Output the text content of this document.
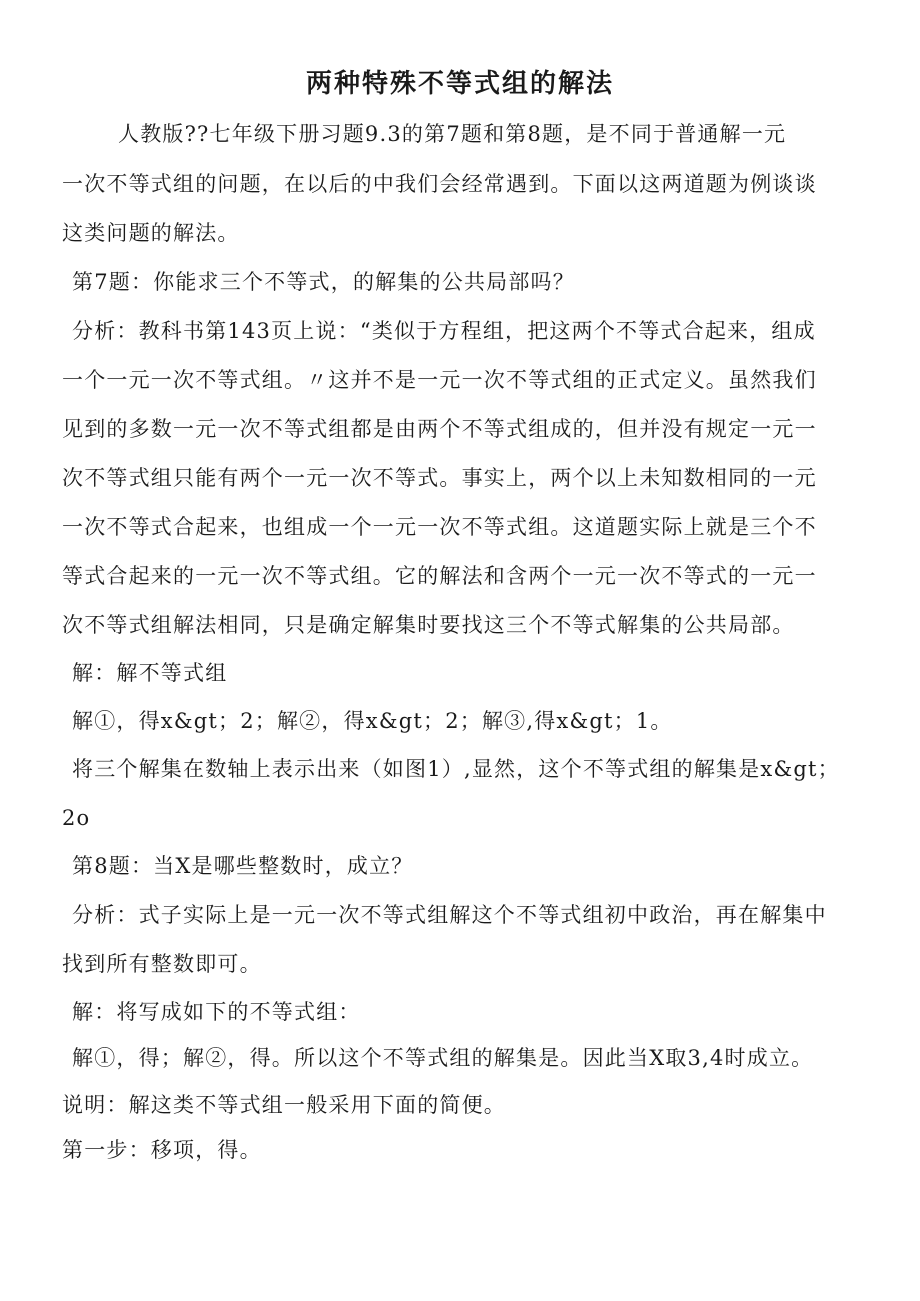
两种特殊不等式组的解法
人教版??七年级下册习题9.3的第7题和第8题，是不同于普通解一元
一次不等式组的问题，在以后的中我们会经常遇到。下面以这两道题为例谈谈
这类问题的解法。
第7题：你能求三个不等式，的解集的公共局部吗？
分析：教科书第143页上说：“类似于方程组，把这两个不等式合起来，组成
一个一元一次不等式组。〃这并不是一元一次不等式组的正式定义。虽然我们
见到的多数一元一次不等式组都是由两个不等式组成的，但并没有规定一元一
次不等式组只能有两个一元一次不等式。事实上，两个以上未知数相同的一元
一次不等式合起来，也组成一个一元一次不等式组。这道题实际上就是三个不
等式合起来的一元一次不等式组。它的解法和含两个一元一次不等式的一元一
次不等式组解法相同，只是确定解集时要找这三个不等式解集的公共局部。
解：解不等式组
解①，得x&gt；2；解②，得x&gt；2；解③,得x&gt；1。
将三个解集在数轴上表示出来（如图1）,显然，这个不等式组的解集是x&gt；
2o
第8题：当X是哪些整数时，成立？
分析：式子实际上是一元一次不等式组解这个不等式组初中政治，再在解集中
找到所有整数即可。
解：将写成如下的不等式组：
解①，得；解②，得。所以这个不等式组的解集是。因此当X取3,4时成立。
说明：解这类不等式组一般采用下面的简便。
第一步：移项，得。
